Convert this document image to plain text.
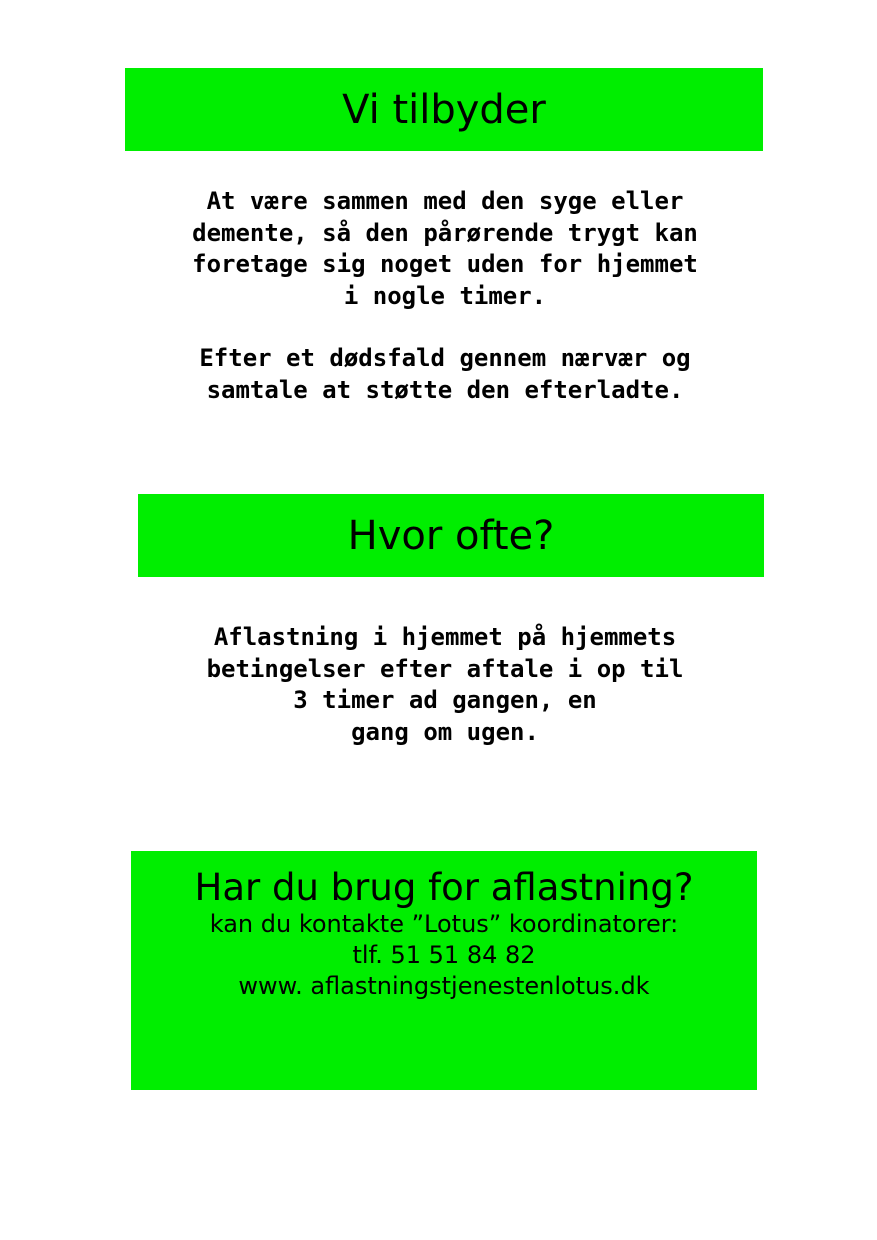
Vi tilbyder

At være sammen med den syge eller

demente, så den pårørende trygt kan

foretage sig noget uden for hjemmet

i nogle timer.

Efter et dødsfald gennem nærvær og

samtale at støtte den efterladte.

Hvor ofte?

Aflastning i hjemmet på hjemmets

betingelser efter aftale i op til

3 timer ad gangen, en

gang om ugen.

Har du brug for aflastning?

kan du kontakte ”Lotus” koordinatorer:

tlf. 51 51 84 82

www. aflastningstjenestenlotus.dk
